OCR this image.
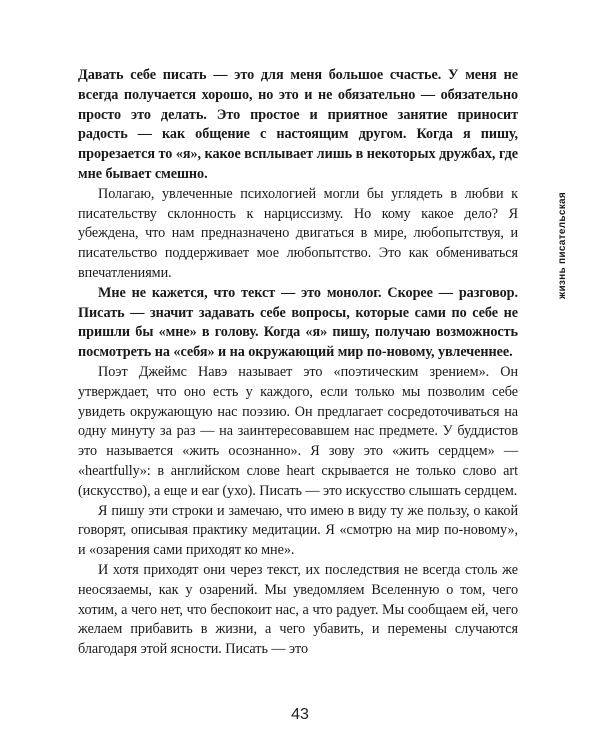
Давать себе писать — это для меня большое счастье. У меня не всегда получается хорошо, но это и не обязательно — обязательно просто это делать. Это простое и приятное занятие приносит радость — как общение с настоящим другом. Когда я пишу, прорезается то «я», какое всплывает лишь в некоторых дружбах, где мне бывает смешно.

Полагаю, увлеченные психологией могли бы углядеть в любви к писательству склонность к нарциссизму. Но кому какое дело? Я убеждена, что нам предназначено двигаться в мире, любопытствуя, и писательство поддерживает мое любопытство. Это как обмениваться впечатлениями.

Мне не кажется, что текст — это монолог. Скорее — разговор. Писать — значит задавать себе вопросы, которые сами по себе не пришли бы «мне» в голову. Когда «я» пишу, получаю возможность посмотреть на «себя» и на окружающий мир по-новому, увлеченнее.

Поэт Джеймс Навэ называет это «поэтическим зрением». Он утверждает, что оно есть у каждого, если только мы позволим себе увидеть окружающую нас поэзию. Он предлагает сосредоточиваться на одну минуту за раз — на заинтересовавшем нас предмете. У буддистов это называется «жить осознанно». Я зову это «жить сердцем» — «heartfully»: в английском слове heart скрывается не только слово art (искусство), а еще и ear (ухо). Писать — это искусство слышать сердцем.

Я пишу эти строки и замечаю, что имею в виду ту же пользу, о какой говорят, описывая практику медитации. Я «смотрю на мир по-новому», и «озарения сами приходят ко мне».

И хотя приходят они через текст, их последствия не всегда столь же неосязаемы, как у озарений. Мы уведомляем Вселенную о том, чего хотим, а чего нет, что беспокоит нас, а что радует. Мы сообщаем ей, чего желаем прибавить в жизни, а чего убавить, и перемены случаются благодаря этой ясности. Писать — это

жизнь писательская
43
